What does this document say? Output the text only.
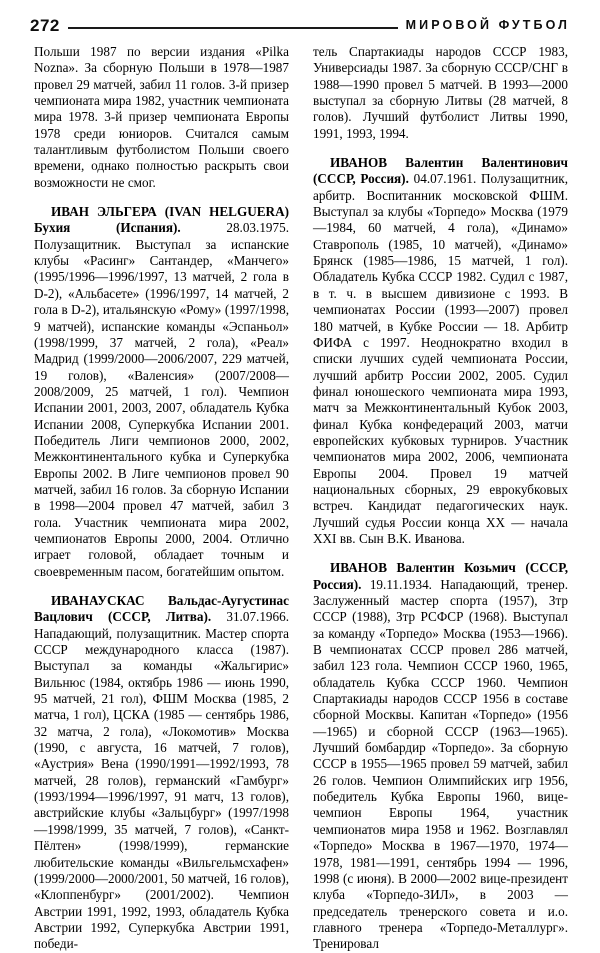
272	МИРОВОЙ ФУТБОЛ

Польши 1987 по версии издания «Pilka Nozna». За сборную Польши в 1978—1987 провел 29 матчей, забил 11 голов. 3-й призер чемпионата мира 1982, участник чемпионата мира 1978. 3-й призер чемпионата Европы 1978 среди юниоров. Считался самым талантливым футболистом Польши своего времени, однако полностью раскрыть свои возможности не смог.

ИВАН ЭЛЬГЕРА (IVAN HELGUERA) Бухия (Испания). 28.03.1975. Полузащитник. Выступал за испанские клубы «Расинг» Сантандер, «Манчего» (1995/1996—1996/1997, 13 матчей, 2 гола в D-2), «Альбасете» (1996/1997, 14 матчей, 2 гола в D-2), итальянскую «Рому» (1997/1998, 9 матчей), испанские команды «Эспаньол» (1998/1999, 37 матчей, 2 гола), «Реал» Мадрид (1999/2000—2006/2007, 229 матчей, 19 голов), «Валенсия» (2007/2008—2008/2009, 25 матчей, 1 гол). Чемпион Испании 2001, 2003, 2007, обладатель Кубка Испании 2008, Суперкубка Испании 2001. Победитель Лиги чемпионов 2000, 2002, Межконтинентального кубка и Суперкубка Европы 2002. В Лиге чемпионов провел 90 матчей, забил 16 голов. За сборную Испании в 1998—2004 провел 47 матчей, забил 3 гола. Участник чемпионата мира 2002, чемпионатов Европы 2000, 2004. Отлично играет головой, обладает точным и своевременным пасом, богатейшим опытом.

ИВАНАУСКАС Вальдас-Аугустинас Вацлович (СССР, Литва). 31.07.1966. Нападающий, полузащитник. Мастер спорта СССР международного класса (1987). Выступал за команды «Жальгирис» Вильнюс (1984, октябрь 1986 — июнь 1990, 95 матчей, 21 гол), ФШМ Москва (1985, 2 матча, 1 гол), ЦСКА (1985 — сентябрь 1986, 32 матча, 2 гола), «Локомотив» Москва (1990, с августа, 16 матчей, 7 голов), «Аустрия» Вена (1990/1991—1992/1993, 78 матчей, 28 голов), германский «Гамбург» (1993/1994—1996/1997, 91 матч, 13 голов), австрийские клубы «Зальцбург» (1997/1998—1998/1999, 35 матчей, 7 голов), «Санкт-Пёлтен» (1998/1999), германские любительские команды «Вильгельмсхафен» (1999/2000—2000/2001, 50 матчей, 16 голов), «Клоппенбург» (2001/2002). Чемпион Австрии 1991, 1992, 1993, обладатель Кубка Австрии 1992, Суперкубка Австрии 1991, победи-

тель Спартакиады народов СССР 1983, Универсиады 1987. За сборную СССР/СНГ в 1988—1990 провел 5 матчей. В 1993—2000 выступал за сборную Литвы (28 матчей, 8 голов). Лучший футболист Литвы 1990, 1991, 1993, 1994.

ИВАНОВ Валентин Валентинович (СССР, Россия). 04.07.1961. Полузащитник, арбитр. Воспитанник московской ФШМ. Выступал за клубы «Торпедо» Москва (1979—1984, 60 матчей, 4 гола), «Динамо» Ставрополь (1985, 10 матчей), «Динамо» Брянск (1985—1986, 15 матчей, 1 гол). Обладатель Кубка СССР 1982. Судил с 1987, в т. ч. в высшем дивизионе с 1993. В чемпионатах России (1993—2007) провел 180 матчей, в Кубке России — 18. Арбитр ФИФА с 1997. Неоднократно входил в списки лучших судей чемпионата России, лучший арбитр России 2002, 2005. Судил финал юношеского чемпионата мира 1993, матч за Межконтинентальный Кубок 2003, финал Кубка конфедераций 2003, матчи европейских кубковых турниров. Участник чемпионатов мира 2002, 2006, чемпионата Европы 2004. Провел 19 матчей национальных сборных, 29 еврокубковых встреч. Кандидат педагогических наук. Лучший судья России конца XX — начала XXI вв. Сын В.К. Иванова.

ИВАНОВ Валентин Козьмич (СССР, Россия). 19.11.1934. Нападающий, тренер. Заслуженный мастер спорта (1957), Зтр СССР (1988), Зтр РСФСР (1968). Выступал за команду «Торпедо» Москва (1953—1966). В чемпионатах СССР провел 286 матчей, забил 123 гола. Чемпион СССР 1960, 1965, обладатель Кубка СССР 1960. Чемпион Спартакиады народов СССР 1956 в составе сборной Москвы. Капитан «Торпедо» (1956—1965) и сборной СССР (1963—1965). Лучший бомбардир «Торпедо». За сборную СССР в 1955—1965 провел 59 матчей, забил 26 голов. Чемпион Олимпийских игр 1956, победитель Кубка Европы 1960, вице-чемпион Европы 1964, участник чемпионатов мира 1958 и 1962. Возглавлял «Торпедо» Москва в 1967—1970, 1974—1978, 1981—1991, сентябрь 1994 — 1996, 1998 (с июня). В 2000—2002 вице-президент клуба «Торпедо-ЗИЛ», в 2003 — председатель тренерского совета и и.о. главного тренера «Торпедо-Металлург». Тренировал
